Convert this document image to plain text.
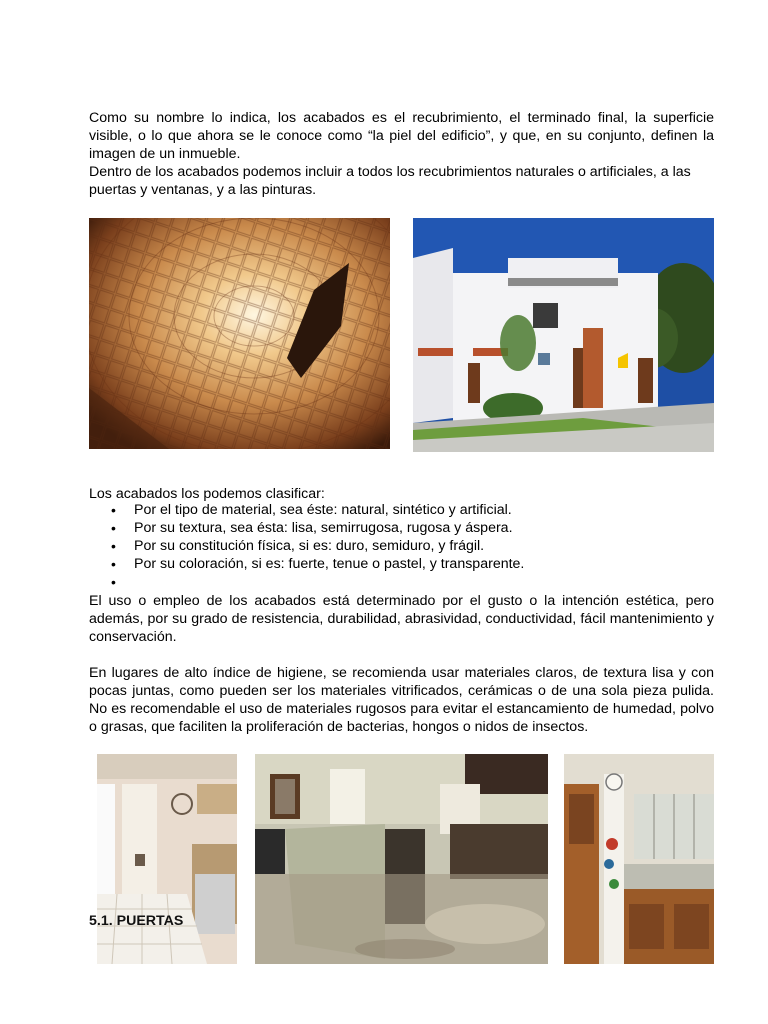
Como su nombre lo indica, los acabados es el recubrimiento, el terminado final, la superficie visible, o lo que ahora se le conoce como “la piel del edificio”, y que, en su conjunto, definen la imagen de un inmueble.

Dentro de los acabados podemos incluir a todos los recubrimientos naturales o artificiales, a las puertas y ventanas, y a las pinturas.

Los acabados los podemos clasificar:

• Por el tipo de material, sea éste: natural, sintético y artificial.
• Por su textura, sea ésta: lisa, semirrugosa, rugosa y áspera.
• Por su constitución física, si es: duro, semiduro, y frágil.
• Por su coloración, si es: fuerte, tenue o pastel, y transparente.
•

El uso o empleo de los acabados está determinado por el gusto o la intención estética, pero además, por su grado de resistencia, durabilidad, abrasividad, conductividad, fácil mantenimiento y conservación.

En lugares de alto índice de higiene, se recomienda usar materiales claros, de textura lisa y con pocas juntas, como pueden ser los materiales vitrificados, cerámicas o de una sola pieza pulida. No es recomendable el uso de materiales rugosos para evitar el estancamiento de humedad, polvo o grasas, que faciliten la proliferación de bacterias, hongos o nidos de insectos.

5.1. PUERTAS
